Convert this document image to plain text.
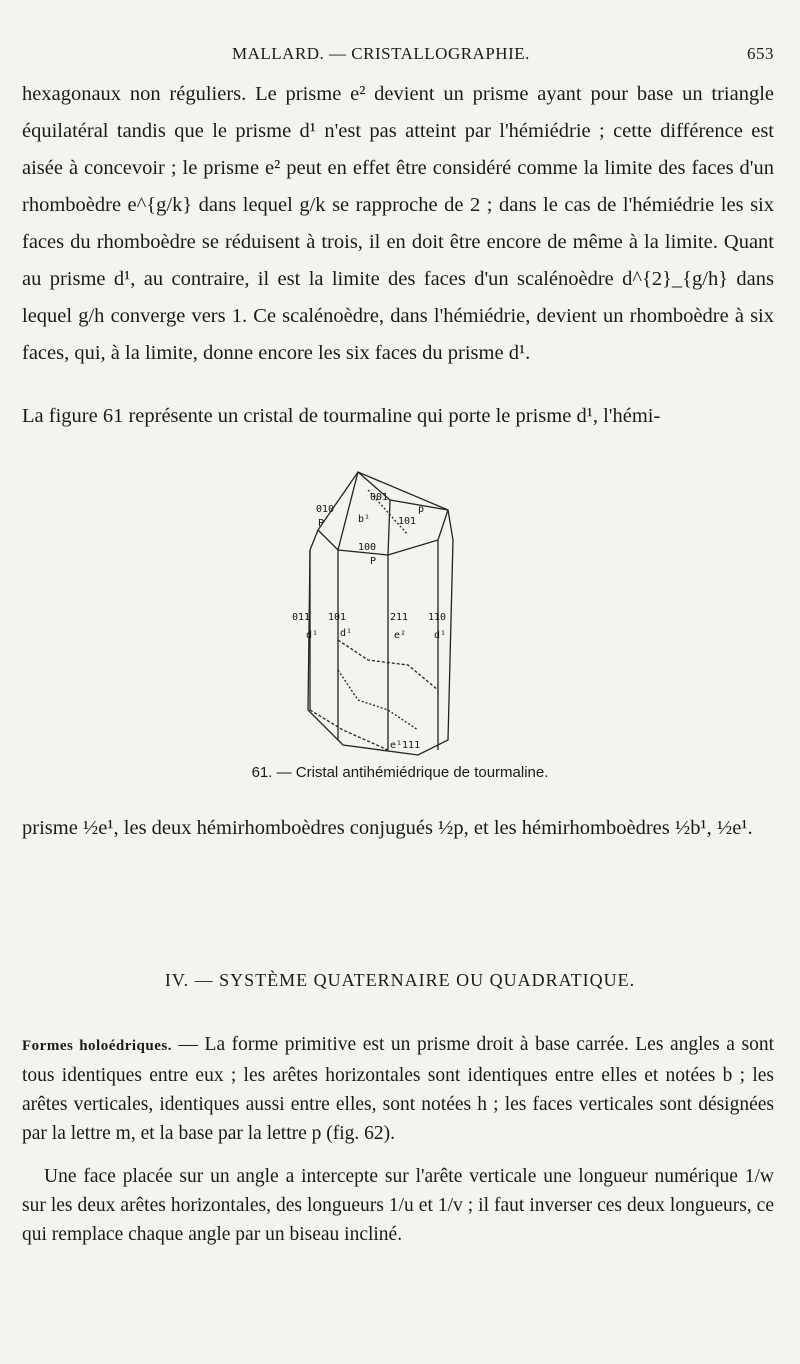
MALLARD. — CRISTALLOGRAPHIE.	653

hexagonaux non réguliers. Le prisme e² devient un prisme ayant pour base un triangle équilatéral tandis que le prisme d¹ n'est pas atteint par l'hémiédrie ; cette différence est aisée à concevoir ; le prisme e² peut en effet être considéré comme la limite des faces d'un rhomboèdre e^{g/k} dans lequel g/k se rapproche de 2 ; dans le cas de l'hémiédrie les six faces du rhomboèdre se réduisent à trois, il en doit être encore de même à la limite. Quant au prisme d¹, au contraire, il est la limite des faces d'un scalénoèdre d^{2}_{g/h} dans lequel g/h converge vers 1. Ce scalénoèdre, dans l'hémiédrie, devient un rhomboèdre à six faces, qui, à la limite, donne encore les six faces du prisme d¹.

La figure 61 représente un cristal de tourmaline qui porte le prisme d¹, l'hémi-

010
P
001
p
b¹	101
100
P
011 101	211 110
d¹ d¹	e²	d¹
e¹111
61. — Cristal antihémiédrique de tourmaline.

prisme ½e¹, les deux hémirhomboèdres conjugués ½p, et les hémirhomboèdres ½b¹, ½e¹.

IV. — SYSTÈME QUATERNAIRE OU QUADRATIQUE.

Formes holoédriques. — La forme primitive est un prisme droit à base carrée. Les angles a sont tous identiques entre eux ; les arêtes horizontales sont identiques entre elles et notées b ; les arêtes verticales, identiques aussi entre elles, sont notées h ; les faces verticales sont désignées par la lettre m, et la base par la lettre p (fig. 62).

Une face placée sur un angle a intercepte sur l'arête verticale une longueur numérique 1/w sur les deux arêtes horizontales, des longueurs 1/u et 1/v ; il faut inverser ces deux longueurs, ce qui remplace chaque angle par un biseau incliné.
